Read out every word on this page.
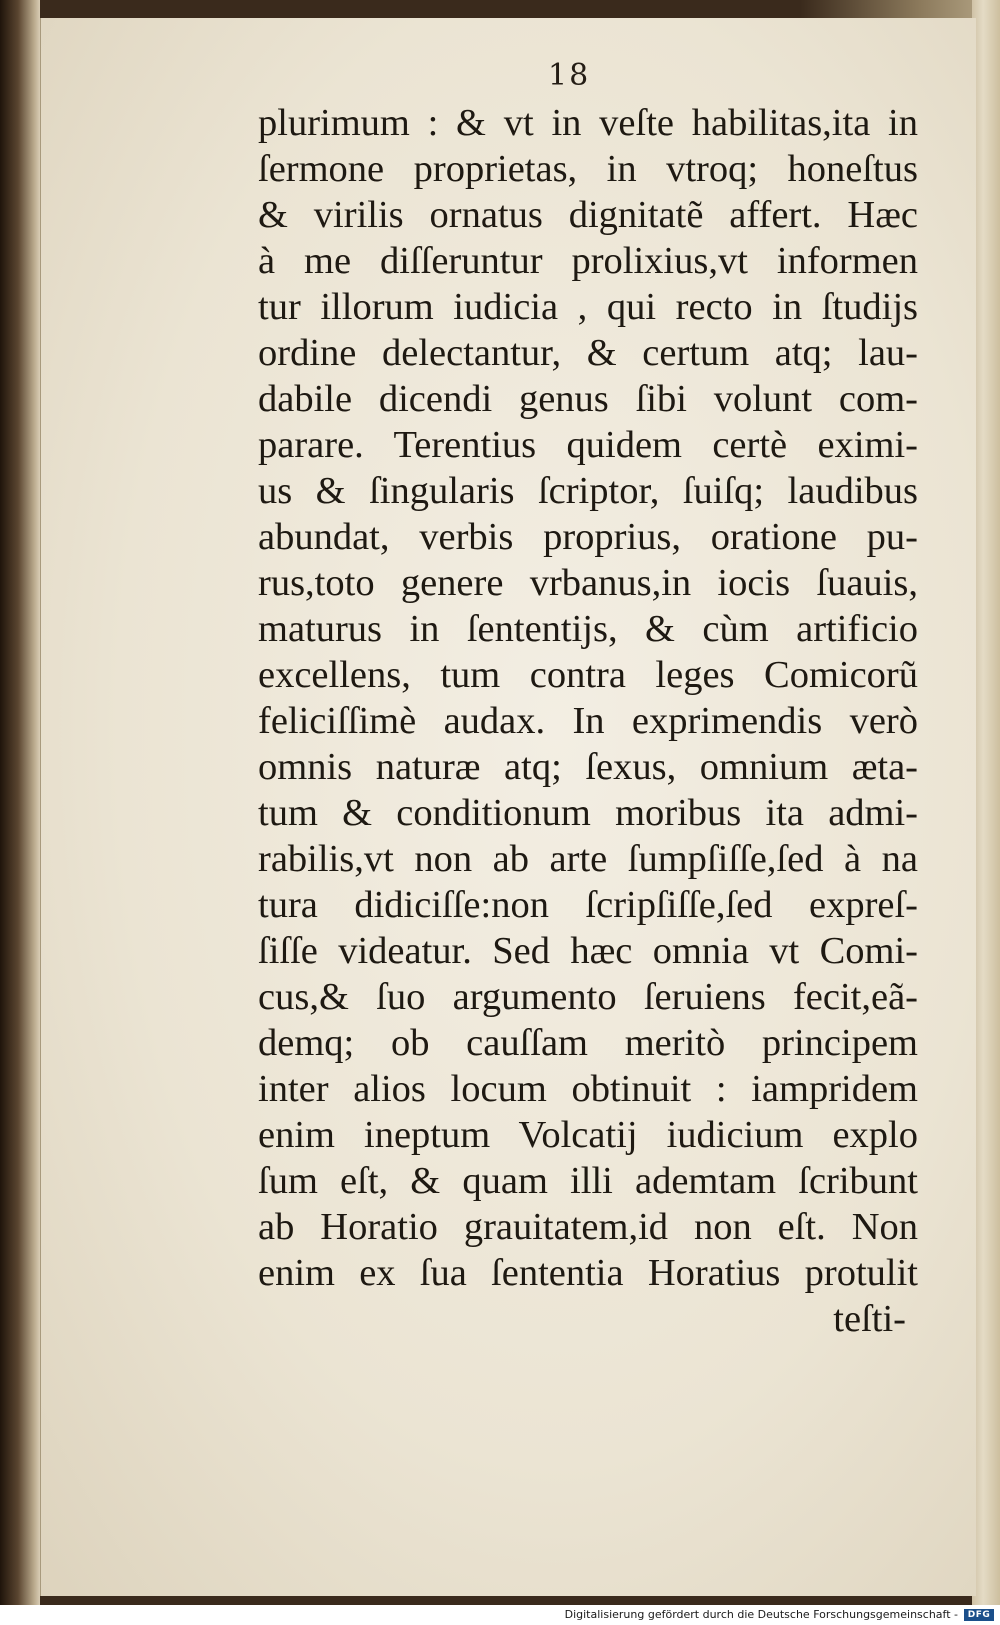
18
plurimum : & vt in veſte habilitas,ita in
ſermone proprietas, in vtroq; honeſtus
& virilis ornatus dignitatẽ affert. Hæc
à me diſſeruntur prolixius,vt informen
tur illorum iudicia , qui recto in ſtudijs
ordine delectantur, & certum atq; lau-
dabile dicendi genus ſibi volunt com-
parare. Terentius quidem certè eximi-
us & ſingularis ſcriptor, ſuiſq; laudibus
abundat, verbis proprius, oratione pu-
rus,toto genere vrbanus,in iocis ſuauis,
maturus in ſententijs, & cùm artificio
excellens, tum contra leges Comicorũ
feliciſſimè audax. In exprimendis verò
omnis naturæ atq; ſexus, omnium æta-
tum & conditionum moribus ita admi-
rabilis,vt non ab arte ſumpſiſſe,ſed à na
tura didiciſſe:non ſcripſiſſe,ſed expreſ-
ſiſſe videatur. Sed hæc omnia vt Comi-
cus,& ſuo argumento ſeruiens fecit,eã-
demq; ob cauſſam meritò principem
inter alios locum obtinuit : iampridem
enim ineptum Volcatij iudicium explo
ſum eſt, & quam illi ademtam ſcribunt
ab Horatio grauitatem,id non eſt. Non
enim ex ſua ſententia Horatius protulit
teſti-
Digitalisierung gefördert durch die Deutsche Forschungsgemeinschaft -	DFG
